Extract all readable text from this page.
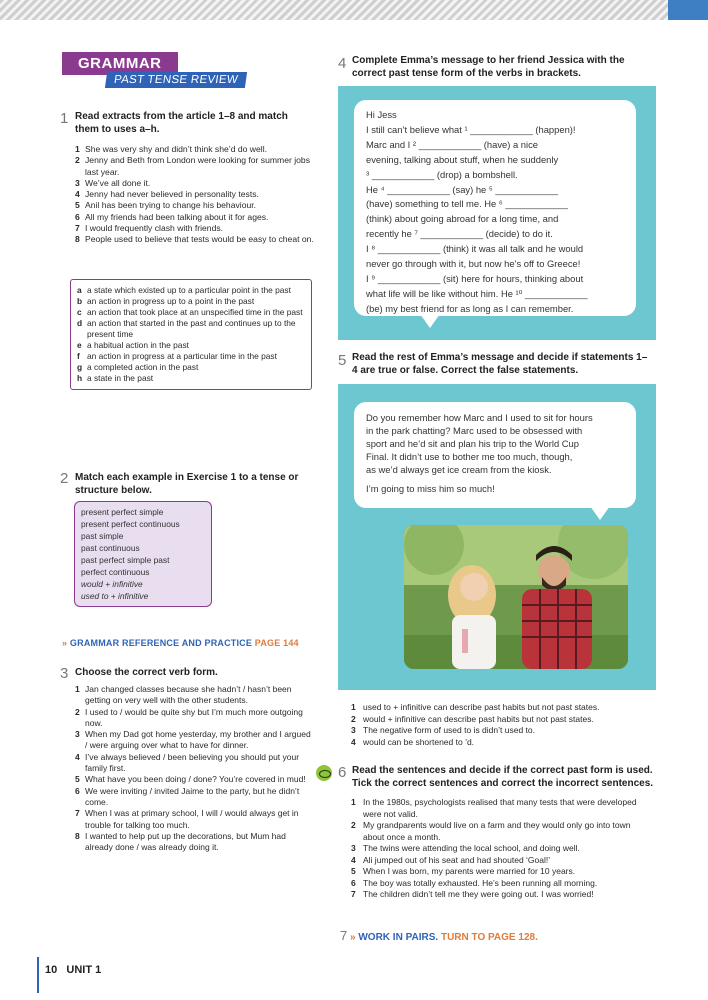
GRAMMAR
PAST TENSE REVIEW
1 Read extracts from the article 1–8 and match them to uses a–h.
1 She was very shy and didn’t think she’d do well.
2 Jenny and Beth from London were looking for summer jobs last year.
3 We’ve all done it.
4 Jenny had never believed in personality tests.
5 Anil has been trying to change his behaviour.
6 All my friends had been talking about it for ages.
7 I would frequently clash with friends.
8 People used to believe that tests would be easy to cheat on.
a a state which existed up to a particular point in the past
b an action in progress up to a point in the past
c an action that took place at an unspecified time in the past
d an action that started in the past and continues up to the present time
e a habitual action in the past
f an action in progress at a particular time in the past
g a completed action in the past
h a state in the past
2 Match each example in Exercise 1 to a tense or structure below.
present perfect simple
present perfect continuous
past simple
past continuous
past perfect simple past
perfect continuous
would + infinitive
used to + infinitive
» GRAMMAR REFERENCE AND PRACTICE PAGE 144
3 Choose the correct verb form.
1 Jan changed classes because she hadn’t / hasn’t been getting on very well with the other students.
2 I used to / would be quite shy but I’m much more outgoing now.
3 When my Dad got home yesterday, my brother and I argued / were arguing over what to have for dinner.
4 I’ve always believed / been believing you should put your family first.
5 What have you been doing / done? You’re covered in mud!
6 We were inviting / invited Jaime to the party, but he didn’t come.
7 When I was at primary school, I will / would always get in trouble for talking too much.
8 I wanted to help put up the decorations, but Mum had already done / was already doing it.
10 UNIT 1
4 Complete Emma’s message to her friend Jessica with the correct past tense form of the verbs in brackets.
Hi Jess
I still can’t believe what ¹ ____________ (happen)!
Marc and I ² ____________ (have) a nice
evening, talking about stuff, when he suddenly
³ ____________ (drop) a bombshell.
He ⁴ ____________ (say) he ⁵ ____________
(have) something to tell me. He ⁶ ____________
(think) about going abroad for a long time, and
recently he ⁷ ____________ (decide) to do it.
I ⁸ ____________ (think) it was all talk and he would
never go through with it, but now he’s off to Greece!
I ⁹ ____________ (sit) here for hours, thinking about
what life will be like without him. He ¹⁰ ____________
(be) my best friend for as long as I can remember.
5 Read the rest of Emma’s message and decide if statements 1–4 are true or false. Correct the false statements.
Do you remember how Marc and I used to sit for hours
in the park chatting? Marc used to be obsessed with
sport and he’d sit and plan his trip to the World Cup
Final. It didn’t use to bother me too much, though,
as we’d always get ice cream from the kiosk.
I’m going to miss him so much!
1 used to + infinitive can describe past habits but not past states.
2 would + infinitive can describe past habits but not past states.
3 The negative form of used to is didn’t used to.
4 would can be shortened to ’d.
6 Read the sentences and decide if the correct past form is used. Tick the correct sentences and correct the incorrect sentences.
1 In the 1980s, psychologists realised that many tests that were developed were not valid.
2 My grandparents would live on a farm and they would only go into town about once a month.
3 The twins were attending the local school, and doing well.
4 Ali jumped out of his seat and had shouted ‘Goal!’
5 When I was born, my parents were married for 10 years.
6 The boy was totally exhausted. He’s been running all morning.
7 The children didn’t tell me they were going out. I was worried!
7 » WORK IN PAIRS. TURN TO PAGE 128.
